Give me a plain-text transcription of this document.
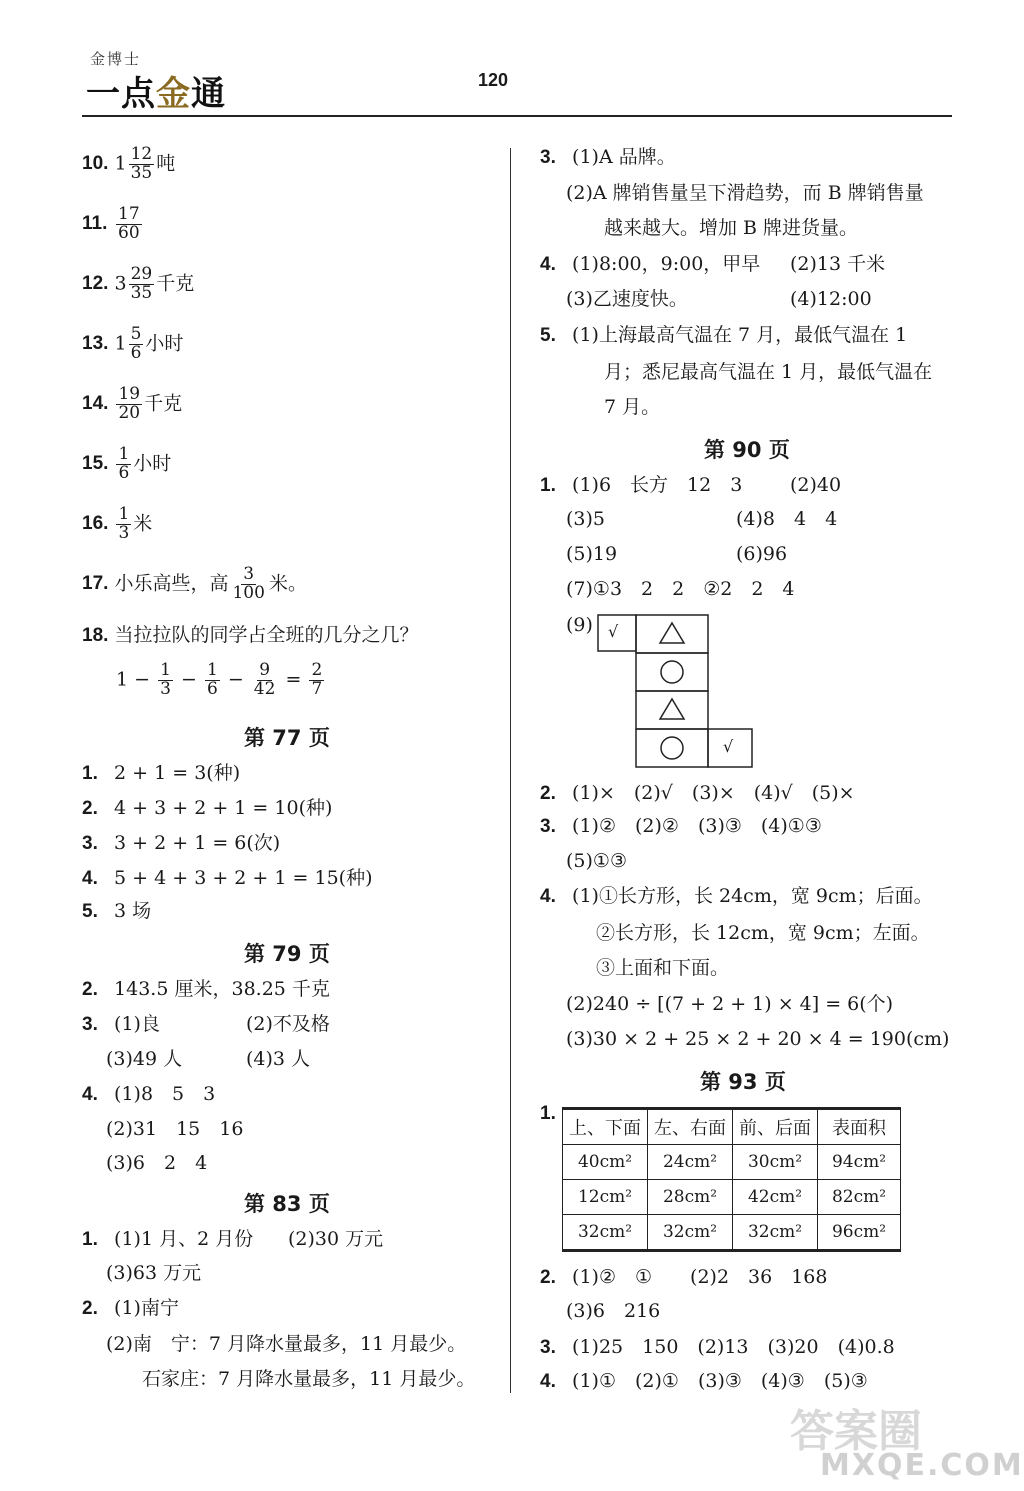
金博士
一点金通	120
10. $1 \frac{12}{35}$ 吨
11. $\frac{17}{60}$
12. $3 \frac{29}{35}$ 千克
13. $1 \frac{5}{6}$ 小时
14. $\frac{19}{20}$ 千克
15. $\frac{1}{6}$ 小时
16. $\frac{1}{3}$ 米
17. 小乐高些，高 $\frac{3}{100}$ 米。
18. 当拉拉队的同学占全班的几分之几？
$1 - \frac{1}{3} - \frac{1}{6} - \frac{9}{42} = \frac{2}{7}$
第 77 页
1. 2 + 1 = 3(种)
2. 4 + 3 + 2 + 1 = 10(种)
3. 3 + 2 + 1 = 6(次)
4. 5 + 4 + 3 + 2 + 1 = 15(种)
5. 3 场
第 79 页
2. 143.5 厘米，38.25 千克
3. (1)良	(2)不及格
(3)49 人	(4)3 人
4. (1)8　5　3
(2)31　15　16
(3)6　2　4
第 83 页
1. (1)1 月、2 月份 (2)30 万元
(3)63 万元
2. (1)南宁
(2)南　宁：7 月降水量最多，11 月最少。
石家庄：7 月降水量最多，11 月最少。
3. (1)A 品牌。
(2)A 牌销售量呈下滑趋势，而 B 牌销售量
越来越大。增加 B 牌进货量。
4. (1)8:00，9:00，甲早 (2)13 千米
(3)乙速度快。	(4)12:00
5. (1)上海最高气温在 7 月，最低气温在 1
月；悉尼最高气温在 1 月，最低气温在
7 月。
第 90 页
1. (1)6　长方　12　3	(2)40
(3)5	(4)8　4　4
(5)19	(6)96
(7)①3　2　2　②2　2　4
(9) √
√
2. (1)×　(2)√　(3)×　(4)√　(5)×
3. (1)②　(2)②　(3)③　(4)①③
(5)①③
4. (1)①长方形，长 24cm，宽 9cm；后面。
②长方形，长 12cm，宽 9cm；左面。
③上面和下面。
(2)240 ÷ [(7 + 2 + 1) × 4] = 6(个)
(3)30 × 2 + 25 × 2 + 20 × 4 = 190(cm)
第 93 页
1.
上、下面	左、右面	前、后面	表面积
40cm²	24cm²	30cm²	94cm²
12cm²	28cm²	42cm²	82cm²
32cm²	32cm²	32cm²	96cm²
2. (1)②　①　　(2)2　36　168
(3)6　216
3. (1)25　150　(2)13　(3)20　(4)0.8
4. (1)①　(2)①　(3)③　(4)③　(5)③
答案圈
MXQE.COM
